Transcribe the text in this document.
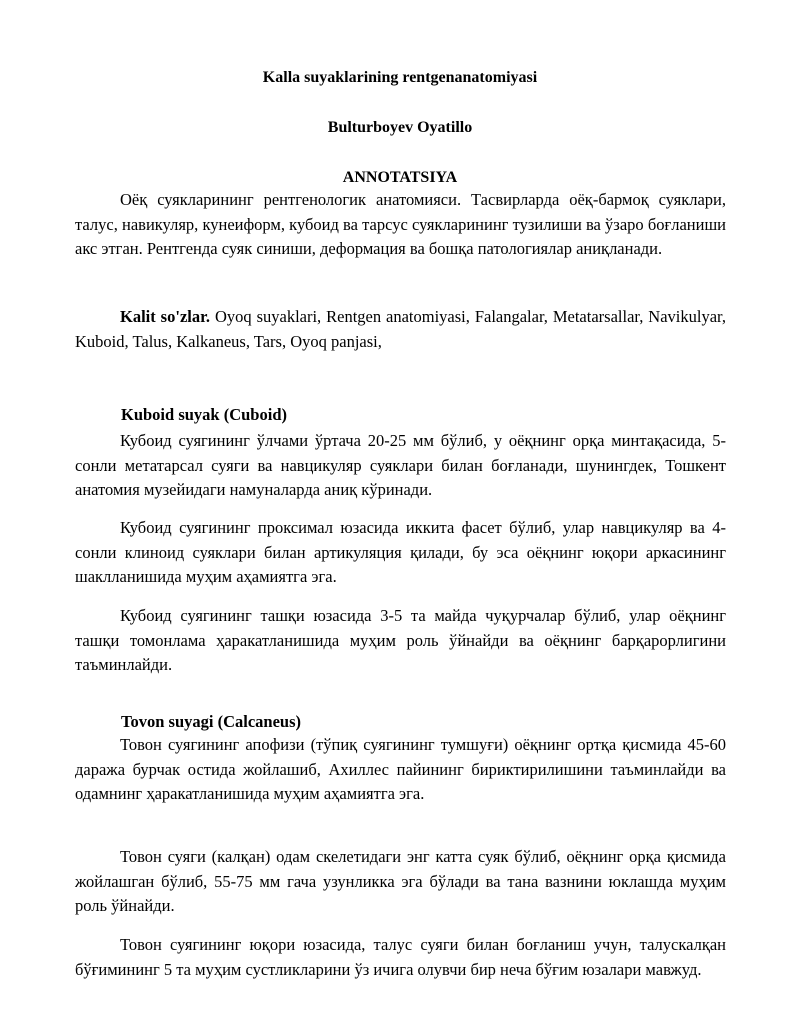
Kalla suyaklarining rentgenanatomiyasi
Bulturboyev Oyatillo
ANNOTATSIYA
Оёқ суякларининг рентгенологик анатомияси. Тасвирларда оёқ-бармоқ суяклари, талус, навикуляр, кунеиформ, кубоид ва тарсус суякларининг тузилиши ва ўзаро боғланиши акс этган. Рентгенда суяк синиши, деформация ва бошқа патологиялар аниқланади.
Kalit so'zlar. Oyoq suyaklari, Rentgen anatomiyasi, Falangalar, Metatarsallar, Navikulyar, Kuboid, Talus, Kalkaneus, Tars, Oyoq panjasi,
Kuboid suyak (Cuboid)
Кубоид суягининг ўлчами ўртача 20-25 мм бўлиб, у оёқнинг орқа минтақасида, 5-сонли метатарсал суяги ва навцикуляр суяклари билан боғланади, шунингдек, Тошкент анатомия музейидаги намуналарда аниқ кўринади.
Кубоид суягининг проксимал юзасида иккита фасет бўлиб, улар навцикуляр ва 4-сонли клиноид суяклари билан артикуляция қилади, бу эса оёқнинг юқори аркасининг шаклланишида муҳим аҳамиятга эга.
Кубоид суягининг ташқи юзасида 3-5 та майда чуқурчалар бўлиб, улар оёқнинг ташқи томонлама ҳаракатланишида муҳим роль ўйнайди ва оёқнинг барқарорлигини таъминлайди.
Tovon suyagi (Calcaneus)
Товон суягининг апофизи (тўпиқ суягининг тумшуғи) оёқнинг ортқа қисмида 45-60 даража бурчак остида жойлашиб, Ахиллес пайининг бириктирилишини таъминлайди ва одамнинг ҳаракатланишида муҳим аҳамиятга эга.
Товон суяги (калқан) одам скелетидаги энг катта суяк бўлиб, оёқнинг орқа қисмида жойлашган бўлиб, 55-75 мм гача узунликка эга бўлади ва тана вазнини юклашда муҳим роль ўйнайди.
Товон суягининг юқори юзасида, талус суяги билан боғланиш учун, талускалқан бўғимининг 5 та муҳим сустликларини ўз ичига олувчи бир неча бўғим юзалари мавжуд.
